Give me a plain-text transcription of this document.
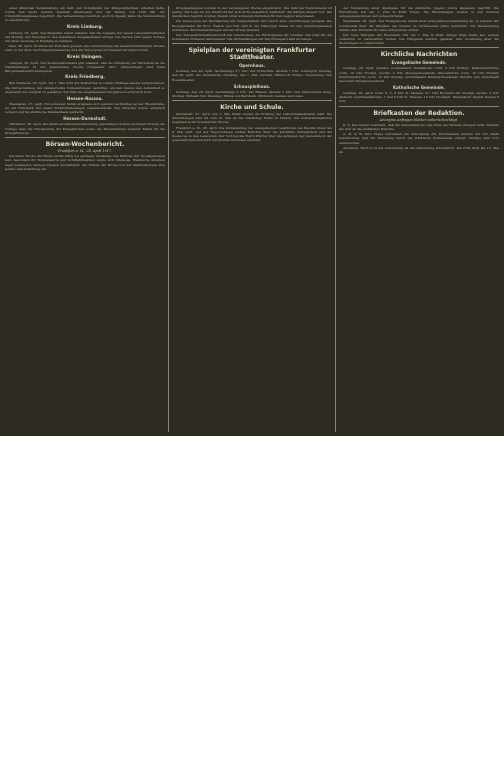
einer ähnlichen Veranstaltung am Gefl. und Schießplatz der Kriegsteilnehmer erhalten hatte, wurde nun heute weitere Spenden überwiesen und der Betrag von 1150 Mk. der Unterstützungskasse zugeführt. Die Versammlung beschloß, auch in diesem Jahre die Veranstaltung zu wiederholen.

Kreis Limburg.

Limburg, 28. April. Der Magistrat macht bekannt, daß die Ausgabe der neuen Lebensmittelkarten am Montag und Dienstag in den bekannten Ausgabestellen erfolgt. Die Karten sind gegen Vorlage der alten Ausweise in Empfang zu nehmen.

Diez, 28. April. Im Hotel zur Post fand gestern eine Versammlung des landwirtschaftlichen Vereins statt, in der über die Frühjahrsbestellung und die Versorgung mit Saatgut berichtet wurde.

Kreis Usingen.

Usingen, 28. April. Der Kommunalverband gibt bekannt, daß die Verteilung der Kartoffeln an die Haushaltungen in der kommenden Woche fortgesetzt wird. Anmeldungen sind beim Bürgermeisteramt abzugeben.

Kreis Friedberg.

Bad Nauheim, 28. April. Am 1. Mai wird der Kurbetrieb in vollem Umfange wieder aufgenommen. Die Kurverwaltung hat umfangreiche Vorbereitungen getroffen, um den Gästen den Aufenthalt so angenehm wie möglich zu gestalten. Die Zahl der angemeldeten Kurgäste ist erfreulich hoch.

Hessen-Nassau.

Wiesbaden, 27. April. Ein schwerer Unfall ereignete sich gestern nachmittag an der Rheinstraße, wo ein Fuhrwerk mit einem Straßenbahnwagen zusammenstieß. Der Kutscher wurde erheblich verletzt und ins städtische Krankenhaus gebracht.

Hessen-Darmstadt.

Offenbach, 28. April. Die Stadtverordnetenversammlung genehmigte in ihrer gestrigen Sitzung die Vorlage über die Erweiterung der Kriegsküchen sowie die Bereitstellung weiterer Mittel für die Kriegsfürsorge.

Börsen-Wochenbericht.
Frankfurt a. M., 28. April 1917.

Die letzte Woche der Börse verlief ruhig bei geringen Umsätzen. Die Haltung war im allgemeinen fest, besonders für Montanwerte und Schiffahrtsaktien zeigte sich Interesse. Heimische Anleihen lagen behauptet, Devisen blieben unverändert. Am Schluß der Woche trat auf Glattstellungen eine leichte Abschwächung ein.

Kriegsgefangene wurden in der vergangenen Woche eingebracht. Die Zahl der Verwundeten ist gering. Die Lage an der Westfront hat sich nicht wesentlich verändert, die Kämpfe dauern fort. Die feindlichen Angriffe wurden überall unter schweren Verlusten für den Gegner abgewiesen.

Die Versorgung der Bevölkerung mit Lebensmitteln wird durch neue Anordnungen geregelt. Die Bezugsscheine für Brot, Fleisch und Fett sind in der bisherigen Weise bei den Verteilungsstellen abzuholen. Zuwiderhandlungen werden streng bestraft.

Der Kriegswirtschaftsausschuß hat beschlossen, die Höchstpreise für Gemüse und Obst für die kommende Erntezeit festzusetzen. Die Verhandlungen mit den Erzeugern sind im Gange.

Spielplan der vereinigten Frankfurter Stadttheater.
Opernhaus.

Sonntag, den 29. April, nachmittags 3½ Uhr: Der Freischütz. Abends 7 Uhr: Lohengrin. Montag, den 30. April: Die Zauberflöte. Dienstag, den 1. Mai: Carmen. Mittwoch: Fidelio. Donnerstag: Der Rosenkavalier.

Schauspielhaus.

Sonntag, den 29. April, nachmittags 3 Uhr: Die Räuber. Abends 7 Uhr: Der Zerbrochene Krug. Montag: Wilhelm Tell. Dienstag: Minna von Barnhelm. Mittwoch: Kabale und Liebe.

Kirche und Schule.

Darmstadt, 27. April. Die 1. Mai findet wieder die Prüfung der Lehramtskandidaten statt. Die Anmeldungen sind bis zum 15. Mai an die zuständige Stelle zu richten. Die Vorbereitungskurse beginnen in der kommenden Woche.

Frankfurt a. M., 28. April. Die Versammlung der evangelischen Geistlichen des Bezirks findet am 8. Mai statt. Auf der Tagesordnung stehen Berichte über die kirchliche Kriegsarbeit und die Seelsorge in den Lazaretten. Der Vortrag des Herrn Pfarrer über die Aufgaben der Gemeinde in der gegenwärtigen Zeit wird mit großem Interesse erwartet.

der Verwaltung einer Sparkasse für die städtische Jugend wurde allgemein begrüßt. Die Einrichtung soll am 1. Juni in Kraft treten. Die Einzahlungen werden in den Schulen entgegengenommen und gutgeschrieben.

Wiesbaden, 28. April. Der Evangelische Verein hielt seine Jahresversammlung ab, in welcher der Vorsitzende über die Tätigkeit des Vereins im verflossenen Jahre berichtete. Die Versammlung dankte dem Vorstand für seine aufopfernde Arbeit.

Der neue Fahrplan der Eisenbahn tritt am 1. Mai in Kraft. Einige Züge fallen aus, andere verkehren zu veränderten Zeiten. Die Fahrgäste werden gebeten, sich rechtzeitig über die Änderungen zu unterrichten.

Kirchliche Nachrichten
Evangelische Gemeinde.

Sonntag, 29. April, Jubilate. Gottesdienst: Paulskirche vorm. 9 Uhr Predigt; Katharinenkirche vorm. 10 Uhr Predigt, nachm. 5 Uhr Abendgottesdienst; Nikolaikirche vorm. 10 Uhr Predigt; Dreikönigskirche vorm. 10 Uhr Predigt, anschließend Kindergottesdienst. Beichte und Abendmahl nach dem Hauptgottesdienst.

Katholische Gemeinde.

Sonntag, 29. April. Dom: 6, 7, 8 Uhr hl. Messen, 9½ Uhr Hochamt mit Predigt, nachm. 3 Uhr Andacht. Liebfrauenkirche: 7 und 8 Uhr hl. Messen, 10 Uhr Hochamt. Maiandacht täglich abends 8 Uhr.

Briefkasten der Redaktion.
Anonyme Anfragen bleiben unberücksichtigt.

K. S. Das Gesetz bestimmt, daß die Anmeldung bis zum Ende des Monats erfolgen muß. Wenden Sie sich an die zuständige Behörde.

A. B. in W. Ihre Frage betreffend die Versorgung mit Heizmaterial können wir nur dahin beantworten, daß die Verteilung durch die städtische Kohlenstelle erfolgt. Anträge sind dort einzureichen.

Abonnent. Nach § 19 der Verordnung ist die Anmeldung erforderlich. Die Frist läuft am 15. Mai ab.
